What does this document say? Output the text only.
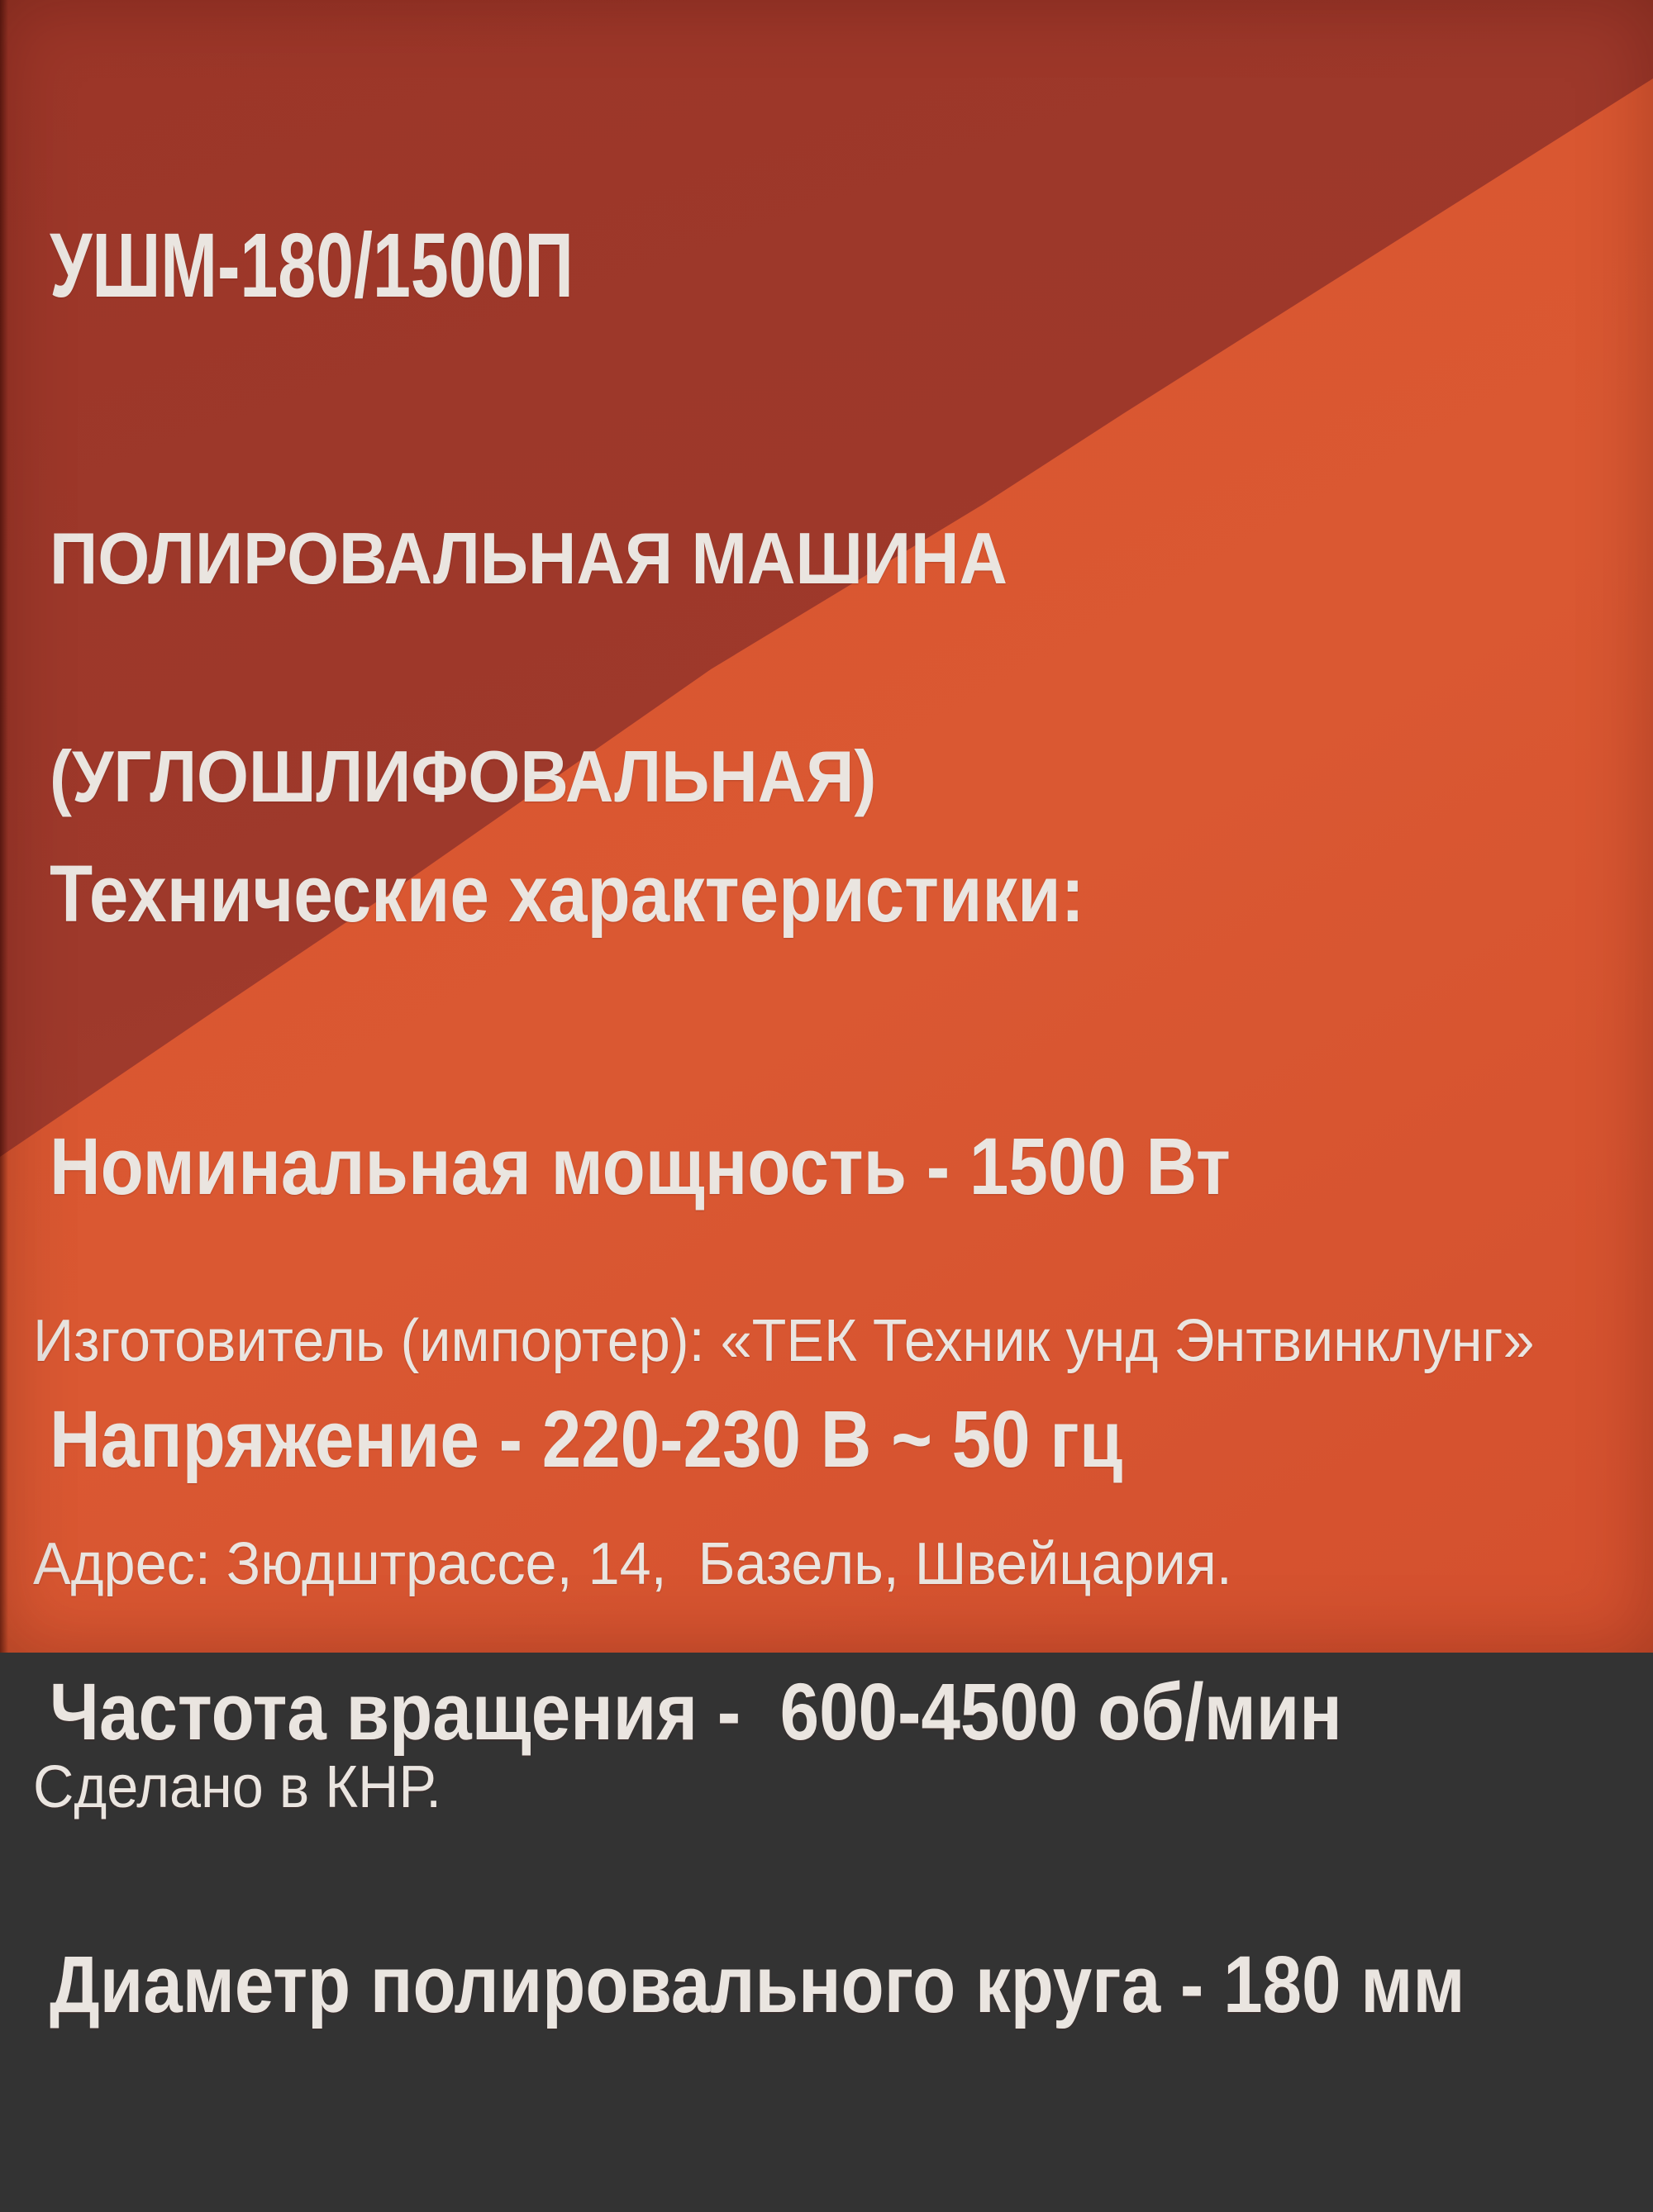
УШМ-180/1500П

ПОЛИРОВАЛЬНАЯ МАШИНА

(УГЛОШЛИФОВАЛЬНАЯ)

Технические характеристики:

Номинальная мощность - 1500 Вт

Напряжение - 220-230 В ~ 50 гц

Частота вращения -  600-4500 об/мин

Диаметр полировального круга - 180 мм

Изготовитель (импортер): «ТЕК Техник унд Энтвинклунг»

Адрес: Зюдштрассе, 14,  Базель, Швейцария.

Сделано в КНР.
